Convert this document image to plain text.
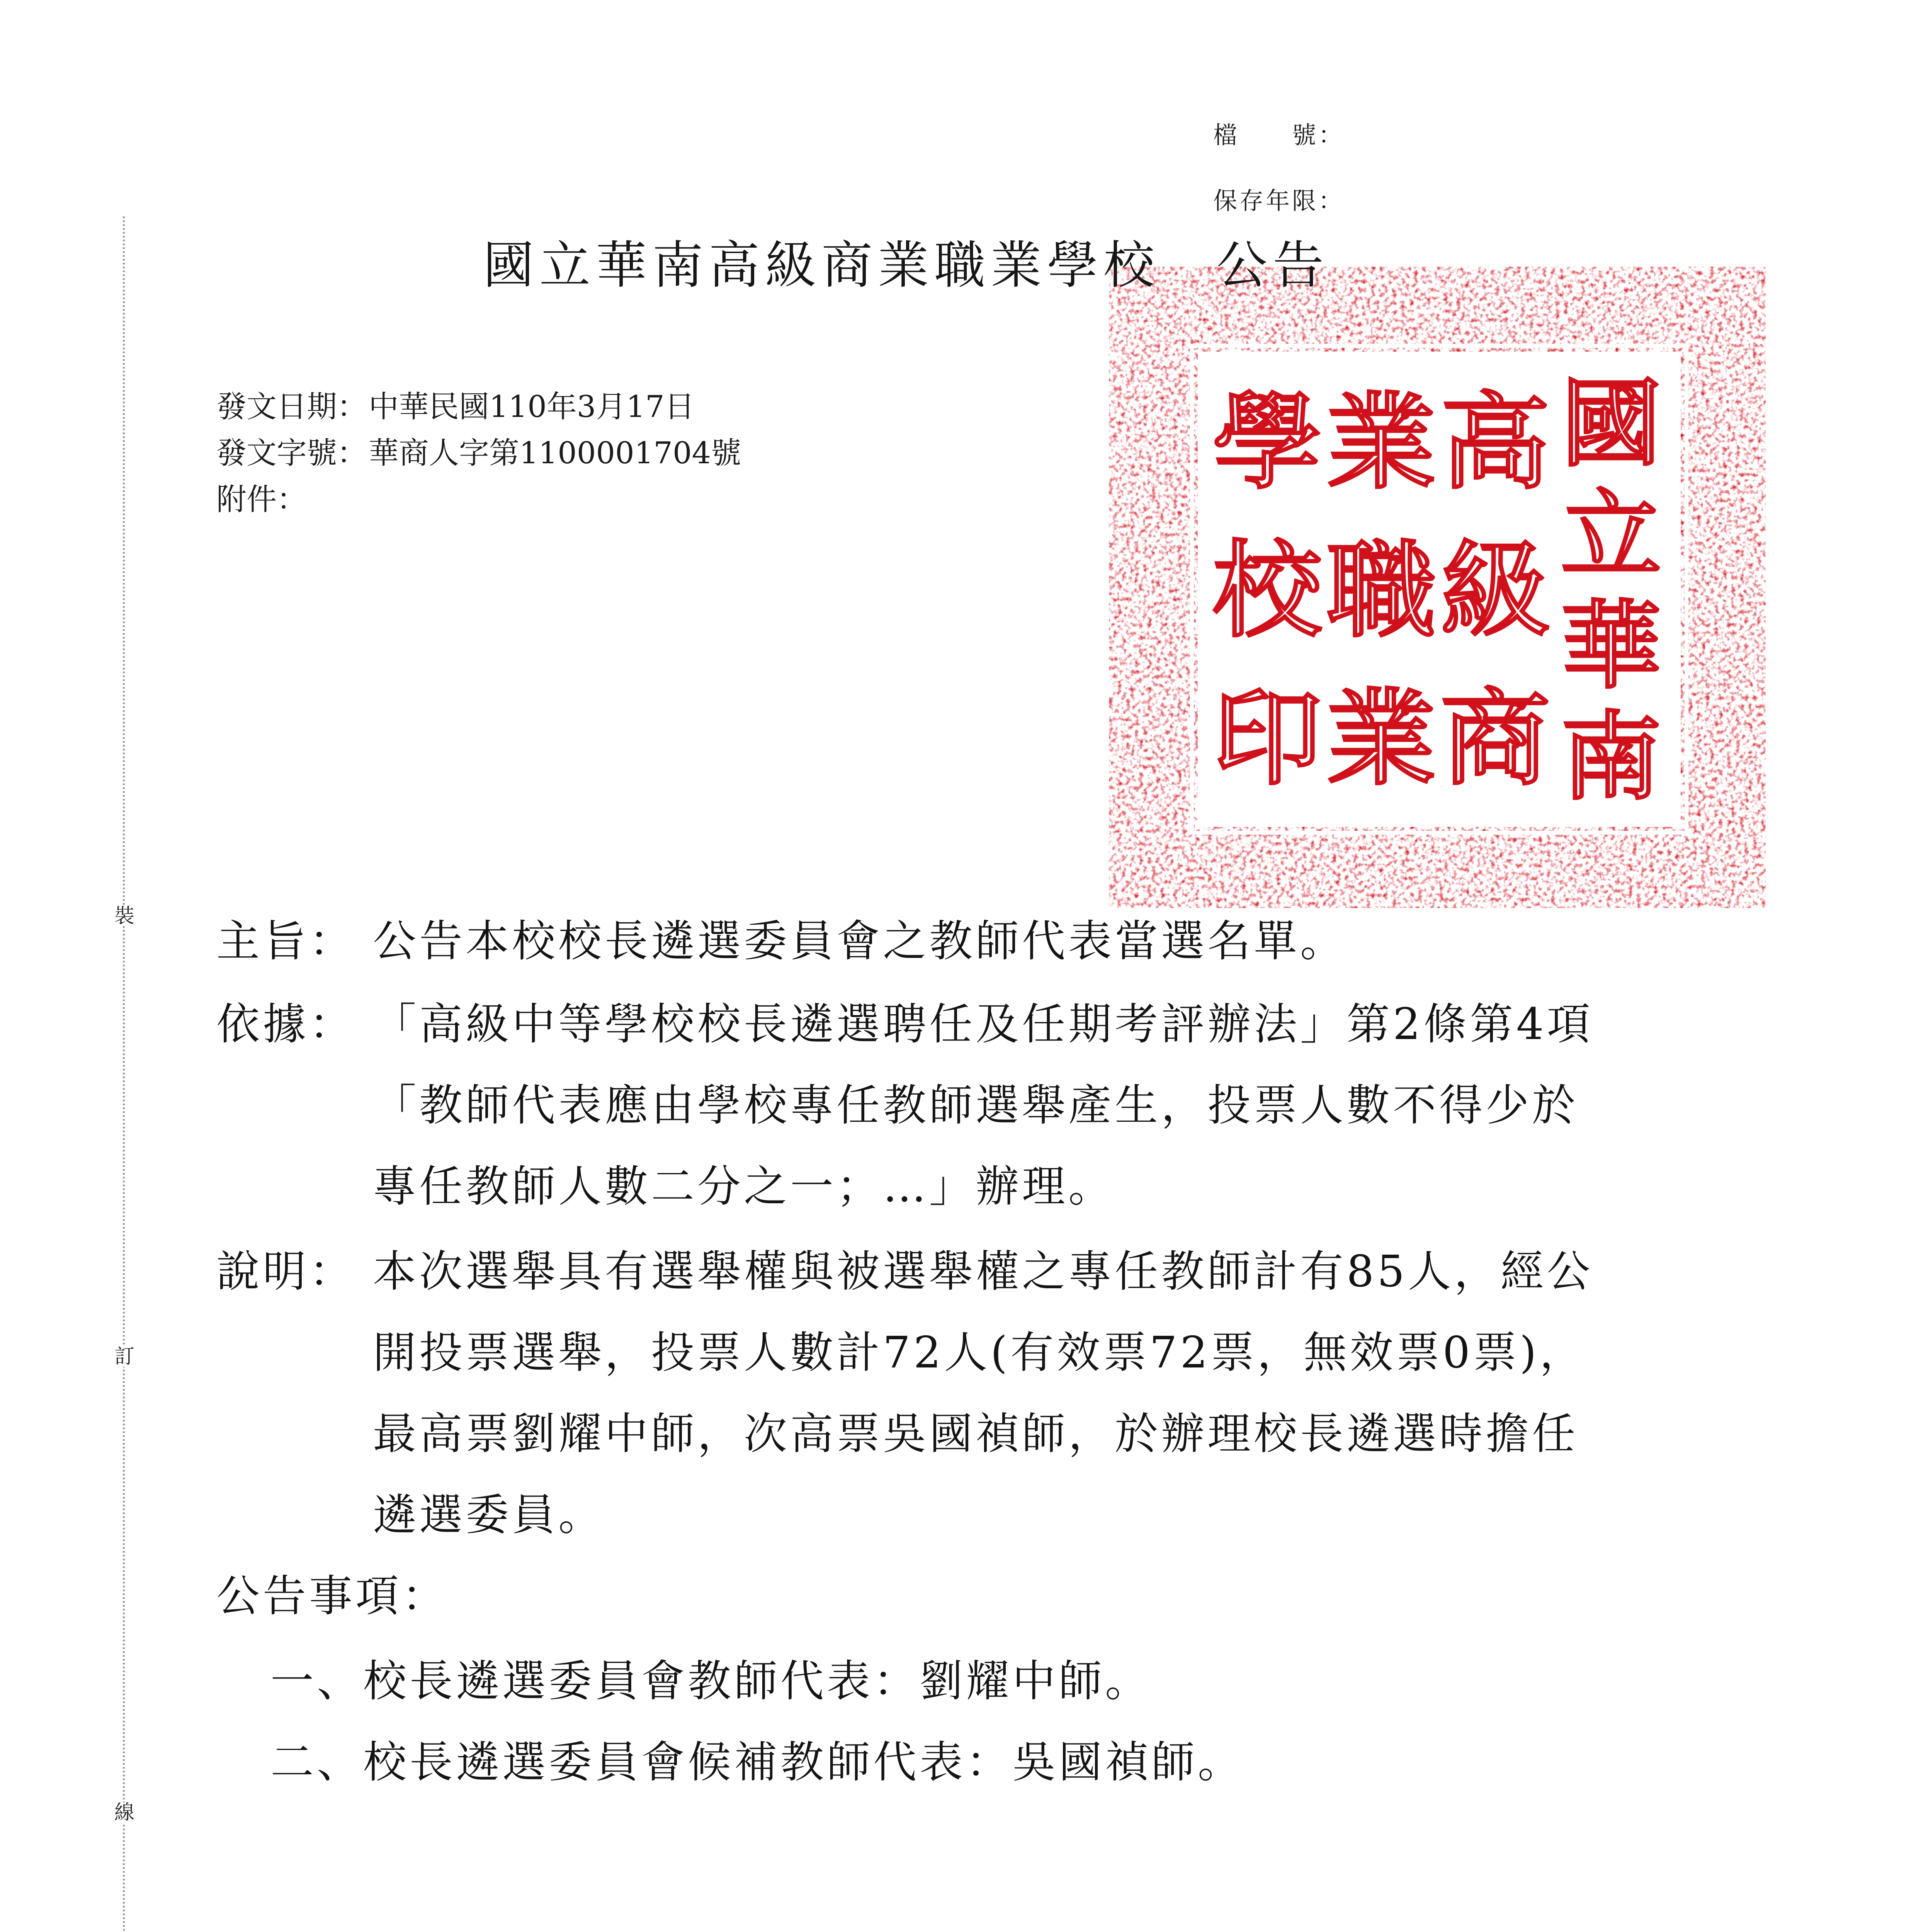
裝
訂
線
檔　　號：
保存年限：
國
立
華
南
高
級
商
業
職
業
學
校
印
國立華南高級商業職業學校　公告
發文日期：中華民國110年3月17日
發文字號：華商人字第1100001704號
附件：
主旨： 公告本校校長遴選委員會之教師代表當選名單。
依據： 「高級中等學校校長遴選聘任及任期考評辦法」第2條第4項
「教師代表應由學校專任教師選舉產生，投票人數不得少於
專任教師人數二分之一；…」辦理。
說明： 本次選舉具有選舉權與被選舉權之專任教師計有85人，經公
開投票選舉，投票人數計72人(有效票72票，無效票0票)，
最高票劉耀中師，次高票吳國禎師，於辦理校長遴選時擔任
遴選委員。
公告事項：
一、校長遴選委員會教師代表：劉耀中師。
二、校長遴選委員會候補教師代表：吳國禎師。
